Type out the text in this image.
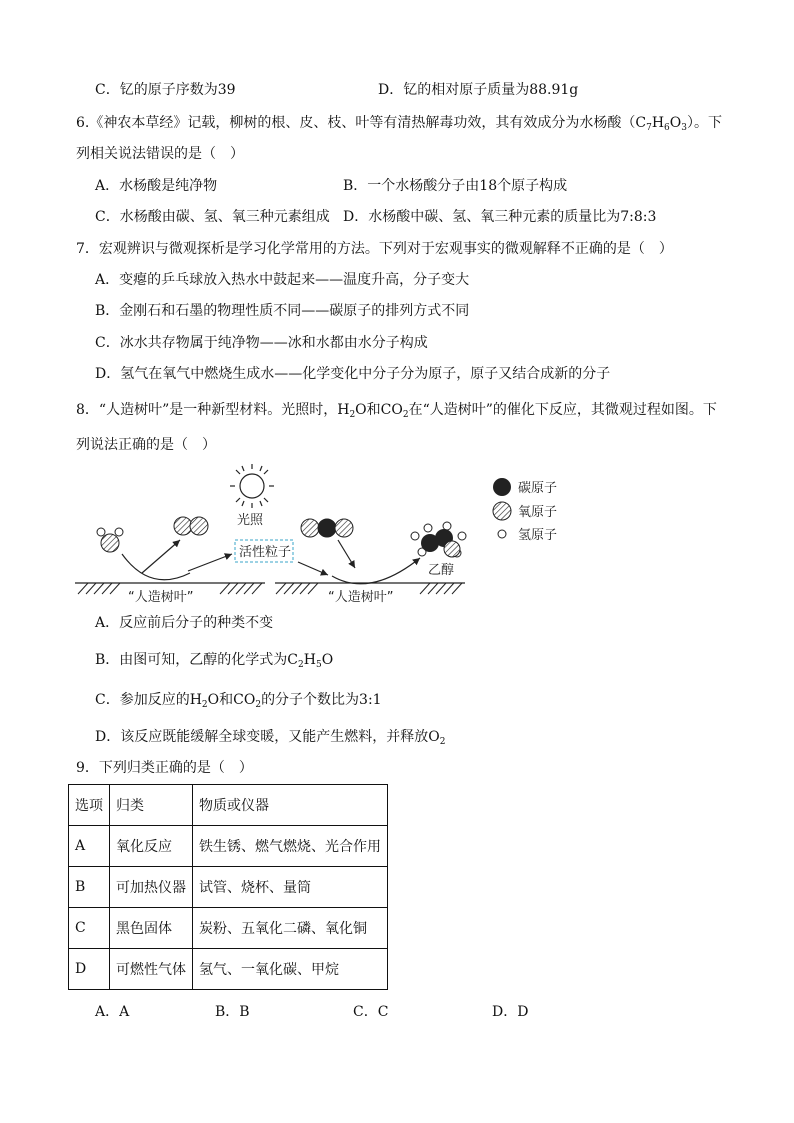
C．钇的原子序数为39	D．钇的相对原子质量为88.91g
6.《神农本草经》记载，柳树的根、皮、枝、叶等有清热解毒功效，其有效成分为水杨酸$(C_7H_6O_3)$。下
列相关说法错误的是（　）
A．水杨酸是纯净物	B．一个水杨酸分子由18个原子构成
C．水杨酸由碳、氢、氧三种元素组成 D．水杨酸中碳、氢、氧三种元素的质量比为7:8:3
7．宏观辨识与微观探析是学习化学常用的方法。下列对于宏观事实的微观解释不正确的是（　）
A．变瘪的乒乓球放入热水中鼓起来——温度升高，分子变大
B．金刚石和石墨的物理性质不同——碳原子的排列方式不同
C．冰水共存物属于纯净物——冰和水都由水分子构成
D．氢气在氧气中燃烧生成水——化学变化中分子分为原子，原子又结合成新的分子
8．“人造树叶”是一种新型材料。光照时，$H_2O$和$CO_2$在“人造树叶”的催化下反应，其微观过程如图。下
列说法正确的是（　）
光照
活性粒子
乙醇
“人造树叶”	“人造树叶”
碳原子
氧原子
氢原子
A．反应前后分子的种类不变
B．由图可知，乙醇的化学式为$C_2H_5O$
C．参加反应的$H_2O$和$CO_2$的分子个数比为3:1
D．该反应既能缓解全球变暖，又能产生燃料，并释放$O_2$
9．下列归类正确的是（　）
选项	归类	物质或仪器
A	氧化反应	铁生锈、燃气燃烧、光合作用
B	可加热仪器	试管、烧杯、量筒
C	黑色固体	炭粉、五氧化二磷、氧化铜
D	可燃性气体	氢气、一氧化碳、甲烷
A．A	B．B	C．C	D．D
